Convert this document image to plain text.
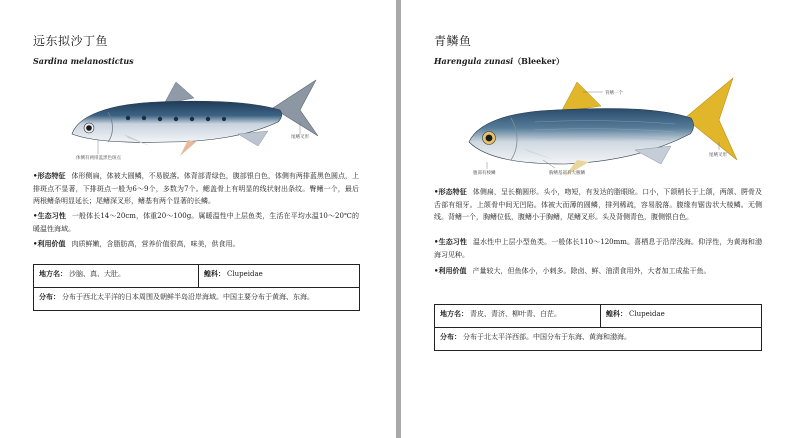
远东拟沙丁鱼
Sardina melanostictus
尾鳍叉形
体侧有两排蓝黑色斑点
•形态特征 体形侧扁，体被大圆鳞，不易脱落。体背部青绿色，腹部银白色，体侧有两排蓝黑色圆点，上排斑点不显著，下排斑点一般为6～9个，多数为7个。鳃盖骨上有明显的线状射出条纹。臀鳍一个，最后两根鳍条明显延长；尾鳍深叉形，鳍基有两个显著的长鳞。
•生态习性 一般体长14～20cm，体重20～100g。属暖温性中上层鱼类，生活在平均水温10～20℃的暖温性海域。
•利用价值 肉质鲜嫩，含脂肪高，营养价值很高，味美，供食用。
地方名： 沙脑、真、大肚。	鳇科： Clupeidae
分布： 分布于西北太平洋的日本周围及朝鲜半岛沿岸海域。中国主要分布于黄海、东海。
青鳞鱼
Harengula zunasi（Bleeker）
背鳍一个
尾鳍叉形
腹部有棱鳞	胸鳍基部有大腋鳞
•形态特征 体侧扁，呈长椭圆形。头小，吻短，有发达的脂眼睑。口小，下颌稍长于上颌，两颌、腭骨及舌部有细牙。上颌骨中间无凹陷。体被大而薄的圆鳞，排列稀疏，容易脱落。腹缘有锯齿状大棱鳞。无侧线。背鳍一个，胸鳍位低，腹鳍小于胸鳍，尾鳍叉形。头及背侧青色，腹侧银白色。
•生态习性 温水性中上层小型鱼类。一般体长110～120mm。喜栖息于沿岸浅海。仰浮性，为黄海和渤海习见种。
•利用价值 产量较大，但鱼体小，小刺多。除卤、鲜、油渍食用外，大者加工成盐干鱼。
地方名： 青皮、青济、柳叶青、白茫。	鳇科： Clupeidae
分布： 分布于北太平洋西部。中国分布于东海、黄海和渤海。
